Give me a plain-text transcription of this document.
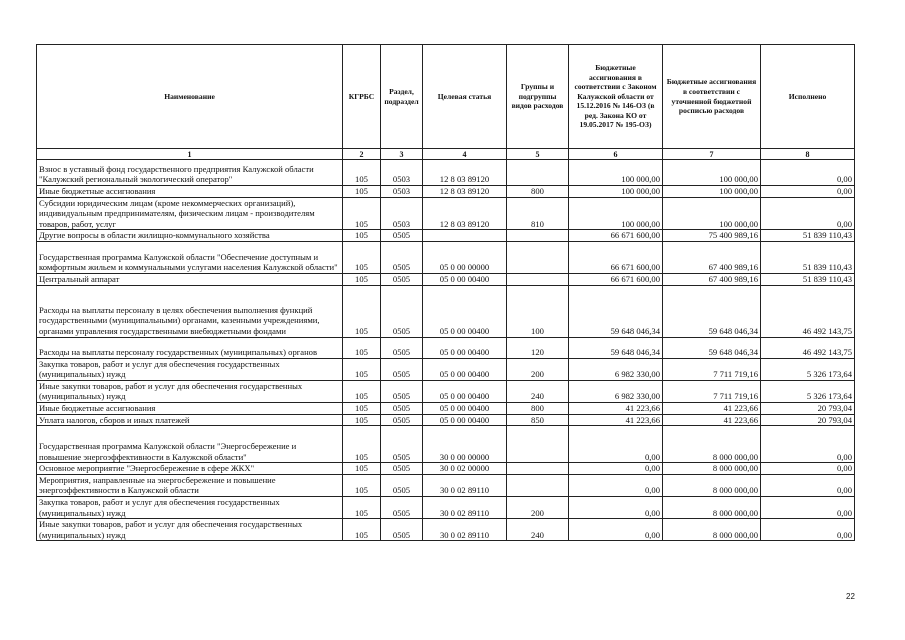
Наименование	КГРБС	Раздел, подраздел	Целевая статья	Группы и подгруппы видов расходов	Бюджетные ассигнования в соответствии с Законом Калужской области от 15.12.2016 № 146-ОЗ (в ред. Закона КО от 19.05.2017 № 195-ОЗ)	Бюджетные ассигнования в соответствии с уточненной бюджетной росписью расходов	Исполнено
1	2	3	4	5	6	7	8
Взнос в уставный фонд государственного предприятия Калужской области "Калужский региональный экологический оператор"	105	0503	12 8 03 89120		100 000,00	100 000,00	0,00
Иные бюджетные ассигнования	105	0503	12 8 03 89120	800	100 000,00	100 000,00	0,00
Субсидии юридическим лицам (кроме некоммерческих организаций), индивидуальным предпринимателям, физическим лицам - производителям товаров, работ, услуг	105	0503	12 8 03 89120	810	100 000,00	100 000,00	0,00
Другие вопросы в области жилищно-коммунального хозяйства	105	0505			66 671 600,00	75 400 989,16	51 839 110,43
Государственная программа Калужской области "Обеспечение доступным и комфортным жильем и коммунальными услугами населения Калужской области"	105	0505	05 0 00 00000		66 671 600,00	67 400 989,16	51 839 110,43
Центральный аппарат	105	0505	05 0 00 00400		66 671 600,00	67 400 989,16	51 839 110,43
Расходы на выплаты персоналу в целях обеспечения выполнения функций государственными (муниципальными) органами, казенными учреждениями, органами управления государственными внебюджетными фондами	105	0505	05 0 00 00400	100	59 648 046,34	59 648 046,34	46 492 143,75
Расходы на выплаты персоналу государственных (муниципальных) органов	105	0505	05 0 00 00400	120	59 648 046,34	59 648 046,34	46 492 143,75
Закупка товаров, работ и услуг для обеспечения государственных (муниципальных) нужд	105	0505	05 0 00 00400	200	6 982 330,00	7 711 719,16	5 326 173,64
Иные закупки товаров, работ и услуг для обеспечения государственных (муниципальных) нужд	105	0505	05 0 00 00400	240	6 982 330,00	7 711 719,16	5 326 173,64
Иные бюджетные ассигнования	105	0505	05 0 00 00400	800	41 223,66	41 223,66	20 793,04
Уплата налогов, сборов и иных платежей	105	0505	05 0 00 00400	850	41 223,66	41 223,66	20 793,04
Государственная программа Калужской области "Энергосбережение и повышение энергоэффективности в Калужской области"	105	0505	30 0 00 00000		0,00	8 000 000,00	0,00
Основное мероприятие "Энергосбережение в сфере ЖКХ"	105	0505	30 0 02 00000		0,00	8 000 000,00	0,00
Мероприятия, направленные на энергосбережение и повышение энергоэффективности в Калужской области	105	0505	30 0 02 89110		0,00	8 000 000,00	0,00
Закупка товаров, работ и услуг для обеспечения государственных (муниципальных) нужд	105	0505	30 0 02 89110	200	0,00	8 000 000,00	0,00
Иные закупки товаров, работ и услуг для обеспечения государственных (муниципальных) нужд	105	0505	30 0 02 89110	240	0,00	8 000 000,00	0,00
22
